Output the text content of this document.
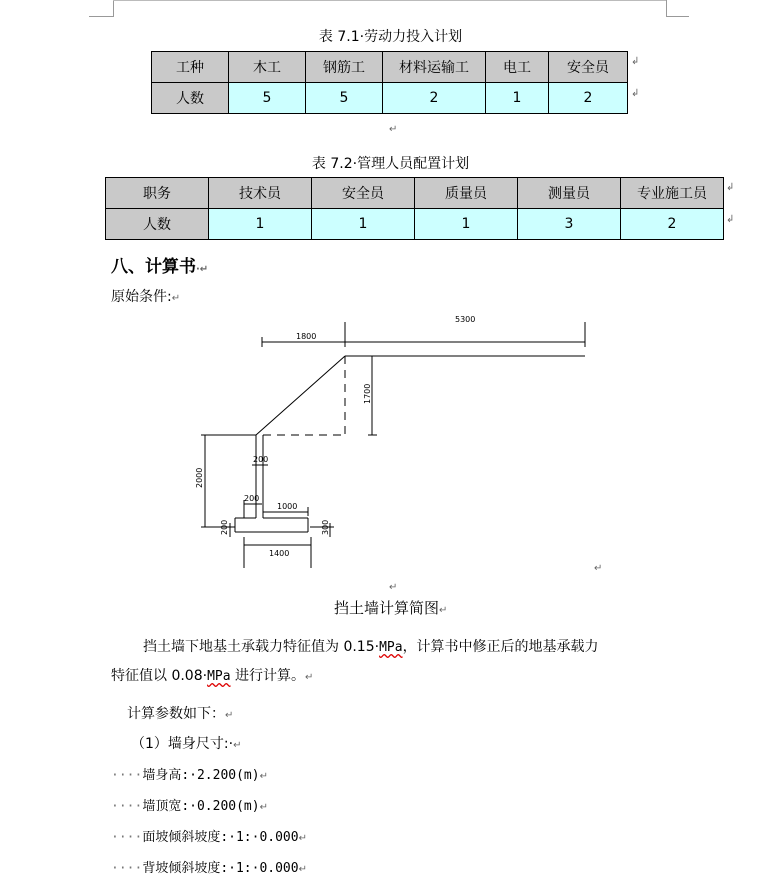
表 7.1·劳动力投入计划
工种	木工	钢筋工	材料运输工	电工	安全员
人数	5	5	2	1	2
↲
↲
↵
表 7.2·管理人员配置计划
职务	技术员	安全员	质量员	测量员	专业施工员
人数	1	1	1	3	2
↲
↲
八、计算书·↵
原始条件:↵
1800
5300
1700
2000
200
200
1000
200	300
1400
↵
↵
挡土墙计算简图↵
挡土墙下地基土承载力特征值为 0.15·MPa，计算书中修正后的地基承载力
特征值以 0.08·MPa 进行计算。↵
计算参数如下：↵
（1）墙身尺寸:·↵
····墙身高:·2.200(m)↵
····墙顶宽:·0.200(m)↵
····面坡倾斜坡度:·1:·0.000↵
····背坡倾斜坡度:·1:·0.000↵
